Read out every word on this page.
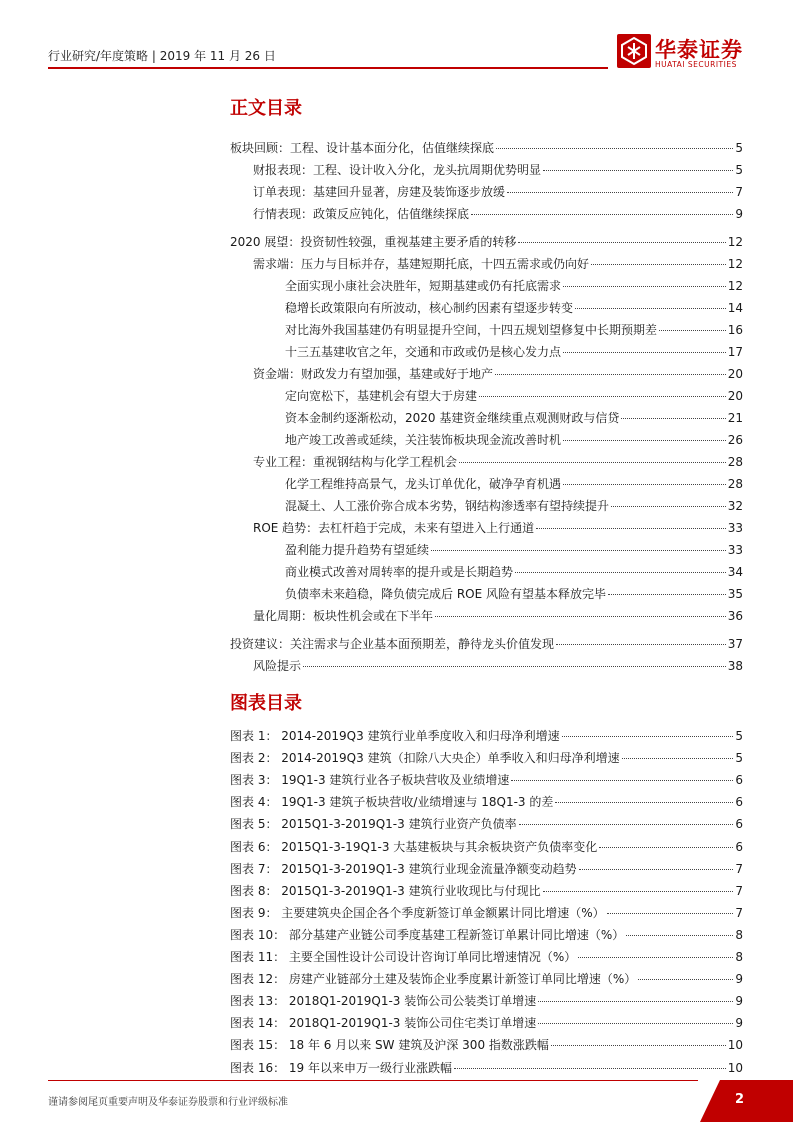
行业研究/年度策略 | 2019 年 11 月 26 日	华泰证券
HUATAI SECURITIES
正文目录
板块回顾：工程、设计基本面分化，估值继续探底	5
财报表现：工程、设计收入分化，龙头抗周期优势明显	5
订单表现：基建回升显著，房建及装饰逐步放缓	7
行情表现：政策反应钝化，估值继续探底	9
2020 展望：投资韧性较强，重视基建主要矛盾的转移	12
需求端：压力与目标并存，基建短期托底，十四五需求或仍向好	12
全面实现小康社会决胜年，短期基建或仍有托底需求	12
稳增长政策限向有所波动，核心制约因素有望逐步转变	14
对比海外我国基建仍有明显提升空间，十四五规划望修复中长期预期差	16
十三五基建收官之年，交通和市政或仍是核心发力点	17
资金端：财政发力有望加强，基建或好于地产	20
定向宽松下，基建机会有望大于房建	20
资本金制约逐渐松动，2020 基建资金继续重点观测财政与信贷	21
地产竣工改善或延续，关注装饰板块现金流改善时机	26
专业工程：重视钢结构与化学工程机会	28
化学工程维持高景气，龙头订单优化，破净孕育机遇	28
混凝土、人工涨价弥合成本劣势，钢结构渗透率有望持续提升	32
ROE 趋势：去杠杆趋于完成，未来有望进入上行通道	33
盈利能力提升趋势有望延续	33
商业模式改善对周转率的提升或是长期趋势	34
负债率未来趋稳，降负债完成后 ROE 风险有望基本释放完毕	35
量化周期：板块性机会或在下半年	36
投资建议：关注需求与企业基本面预期差，静待龙头价值发现	37
风险提示	38
图表目录
图表 1： 2014-2019Q3 建筑行业单季度收入和归母净利增速	5
图表 2： 2014-2019Q3 建筑（扣除八大央企）单季收入和归母净利增速	5
图表 3： 19Q1-3 建筑行业各子板块营收及业绩增速	6
图表 4： 19Q1-3 建筑子板块营收/业绩增速与 18Q1-3 的差	6
图表 5： 2015Q1-3-2019Q1-3 建筑行业资产负债率	6
图表 6： 2015Q1-3-19Q1-3 大基建板块与其余板块资产负债率变化	6
图表 7： 2015Q1-3-2019Q1-3 建筑行业现金流量净额变动趋势	7
图表 8： 2015Q1-3-2019Q1-3 建筑行业收现比与付现比	7
图表 9： 主要建筑央企国企各个季度新签订单金额累计同比增速（%）	7
图表 10： 部分基建产业链公司季度基建工程新签订单累计同比增速（%）	8
图表 11： 主要全国性设计公司设计咨询订单同比增速情况（%）	8
图表 12： 房建产业链部分土建及装饰企业季度累计新签订单同比增速（%）	9
图表 13： 2018Q1-2019Q1-3 装饰公司公装类订单增速	9
图表 14： 2018Q1-2019Q1-3 装饰公司住宅类订单增速	9
图表 15： 18 年 6 月以来 SW 建筑及沪深 300 指数涨跌幅	10
图表 16： 19 年以来申万一级行业涨跌幅	10
谨请参阅尾页重要声明及华泰证券股票和行业评级标准	2
